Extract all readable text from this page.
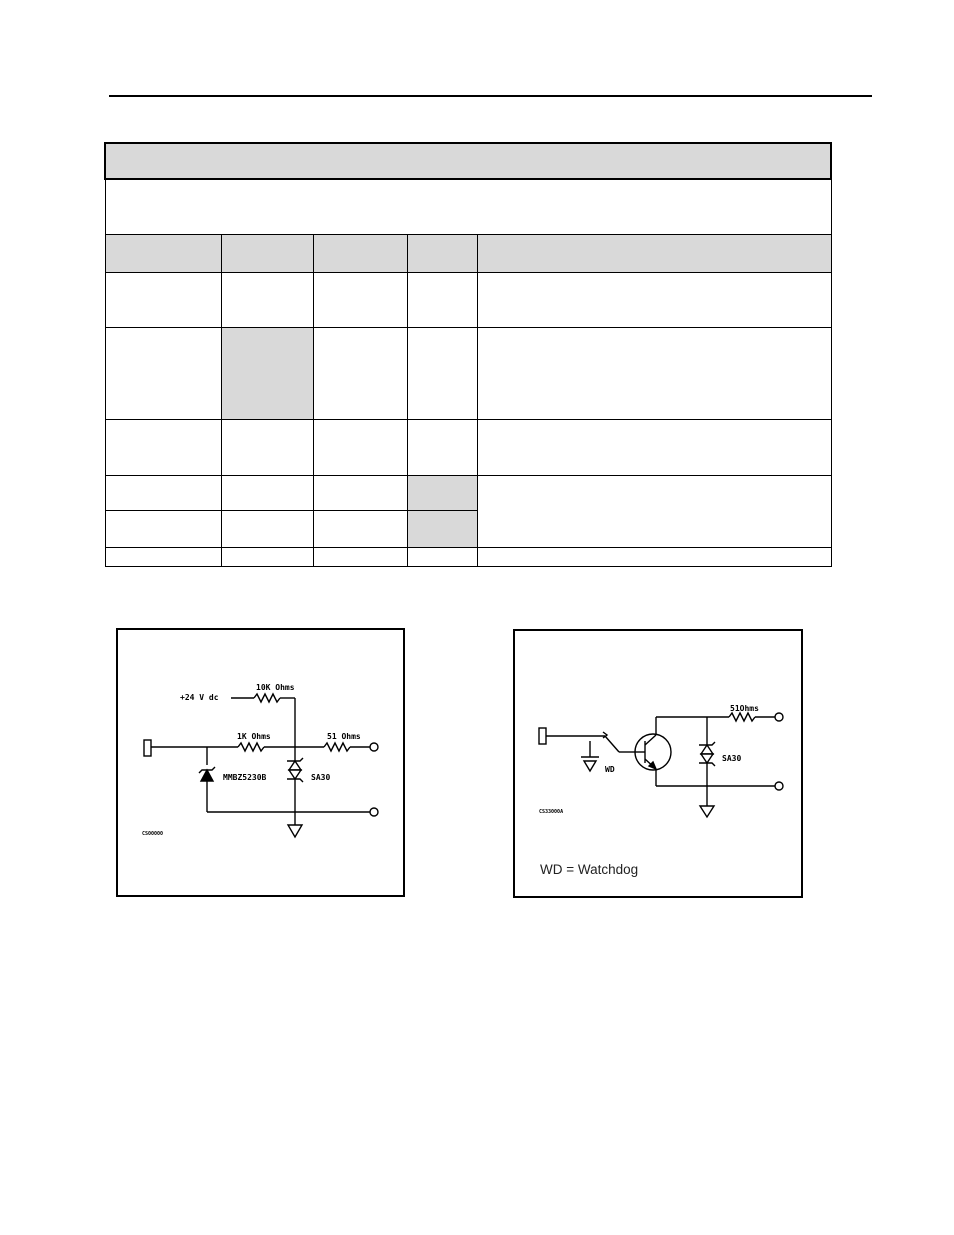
+24 V dc
10K Ohms
1K Ohms	51 Ohms
MMBZ5230B	SA30
CS00000
WD
51Ohms
SA30
CS33000A
WD = Watchdog
